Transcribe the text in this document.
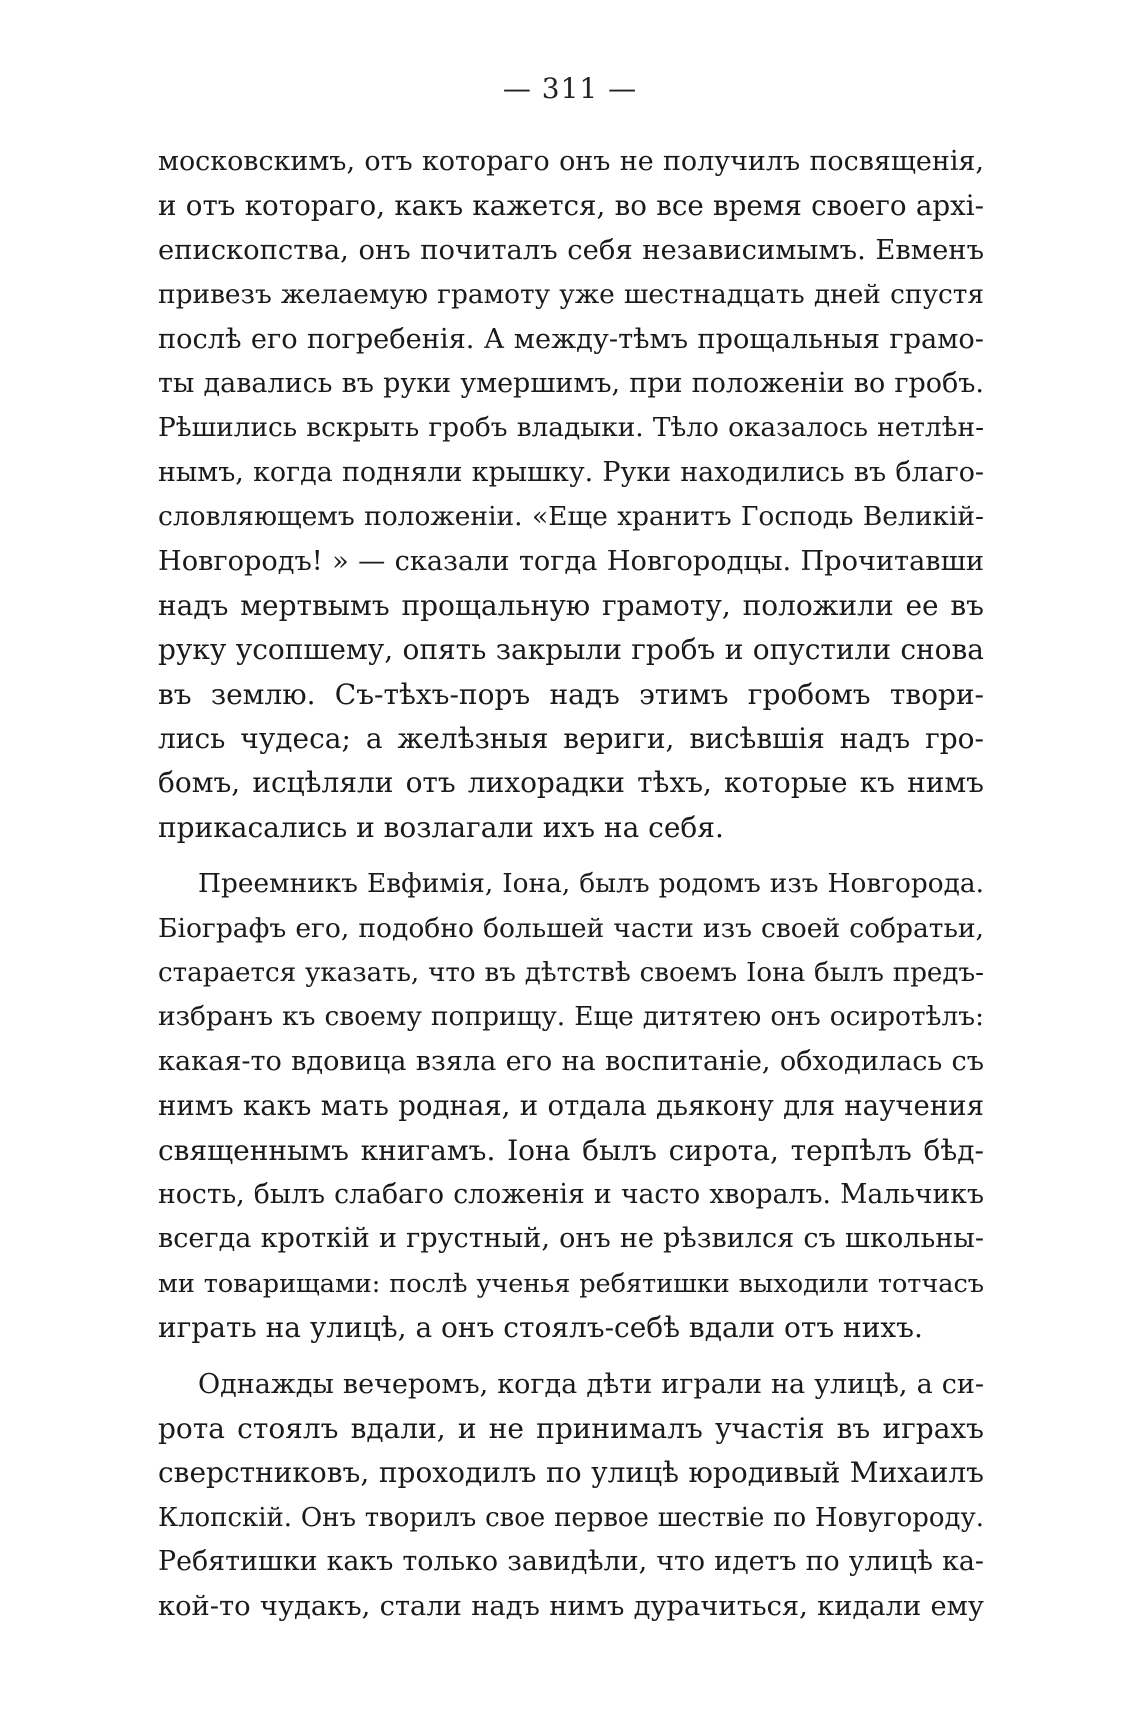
— 311 —
московскимъ, отъ котораго онъ не получилъ посвященія,
и отъ котораго, какъ кажется, во все время своего архі-
епископства, онъ почиталъ себя независимымъ. Евменъ
привезъ желаемую грамоту уже шестнадцать дней спустя
послѣ его погребенія. А между-тѣмъ прощальныя грамо-
ты давались въ руки умершимъ, при положеніи во гробъ.
Рѣшились вскрыть гробъ владыки. Тѣло оказалось нетлѣн-
нымъ, когда подняли крышку. Руки находились въ благо-
словляющемъ положеніи. «Еще хранитъ Господь Великій-
Новгородъ! » — сказали тогда Новгородцы. Прочитавши
надъ мертвымъ прощальную грамоту, положили ее въ
руку усопшему, опять закрыли гробъ и опустили снова
въ землю. Съ-тѣхъ-поръ надъ этимъ гробомъ твори-
лись чудеса; а желѣзныя вериги, висѣвшія надъ гро-
бомъ, исцѣляли отъ лихорадки тѣхъ, которые къ нимъ
прикасались и возлагали ихъ на себя.
Преемникъ Евфимія, Іона, былъ родомъ изъ Новгорода.
Біографъ его, подобно большей части изъ своей собратьи,
старается указать, что въ дѣтствѣ своемъ Іона былъ предъ-
избранъ къ своему поприщу. Еще дитятею онъ осиротѣлъ:
какая-то вдовица взяла его на воспитаніе, обходилась съ
нимъ какъ мать родная, и отдала дьякону для научения
священнымъ книгамъ. Іона былъ сирота, терпѣлъ бѣд-
ность, былъ слабаго сложенія и часто хворалъ. Мальчикъ
всегда кроткій и грустный, онъ не рѣзвился съ школьны-
ми товарищами: послѣ ученья ребятишки выходили тотчасъ
играть на улицѣ, а онъ стоялъ-себѣ вдали отъ нихъ.
Однажды вечеромъ, когда дѣти играли на улицѣ, а си-
рота стоялъ вдали, и не принималъ участія въ играхъ
сверстниковъ, проходилъ по улицѣ юродивый Михаилъ
Клопскій. Онъ творилъ свое первое шествіе по Новугороду.
Ребятишки какъ только завидѣли, что идетъ по улицѣ ка-
кой-то чудакъ, стали надъ нимъ дурачиться, кидали ему
